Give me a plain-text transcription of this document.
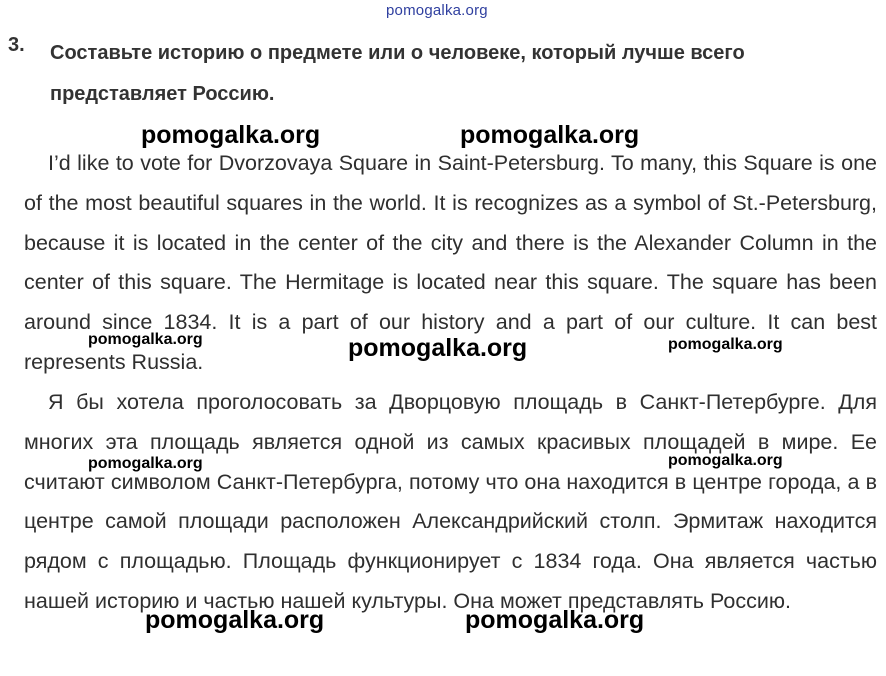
pomogalka.org
3. Составьте историю о предмете или о человеке, который лучше всего представляет Россию.
I’d like to vote for Dvorzovaya Square in Saint-Petersburg. To many, this Square is one of the most beautiful squares in the world. It is recognizes as a symbol of St.-Petersburg, because it is located in the center of the city and there is the Alexander Column in the center of this square. The Hermitage is located near this square. The square has been around since 1834. It is a part of our history and a part of our culture. It can best represents Russia.
Я бы хотела проголосовать за Дворцовую площадь в Санкт-Петербурге. Для многих эта площадь является одной из самых красивых площадей в мире. Ее считают символом Санкт-Петербурга, потому что она находится в центре города, а в центре самой площади расположен Александрийский столп. Эрмитаж находится рядом с площадью. Площадь функционирует с 1834 года. Она является частью нашей историю и частью нашей культуры. Она может представлять Россию.
pomogalka.org	pomogalka.org
pomogalka.org	pomogalka.org	pomogalka.org
pomogalka.org	pomogalka.org
pomogalka.org	pomogalka.org
